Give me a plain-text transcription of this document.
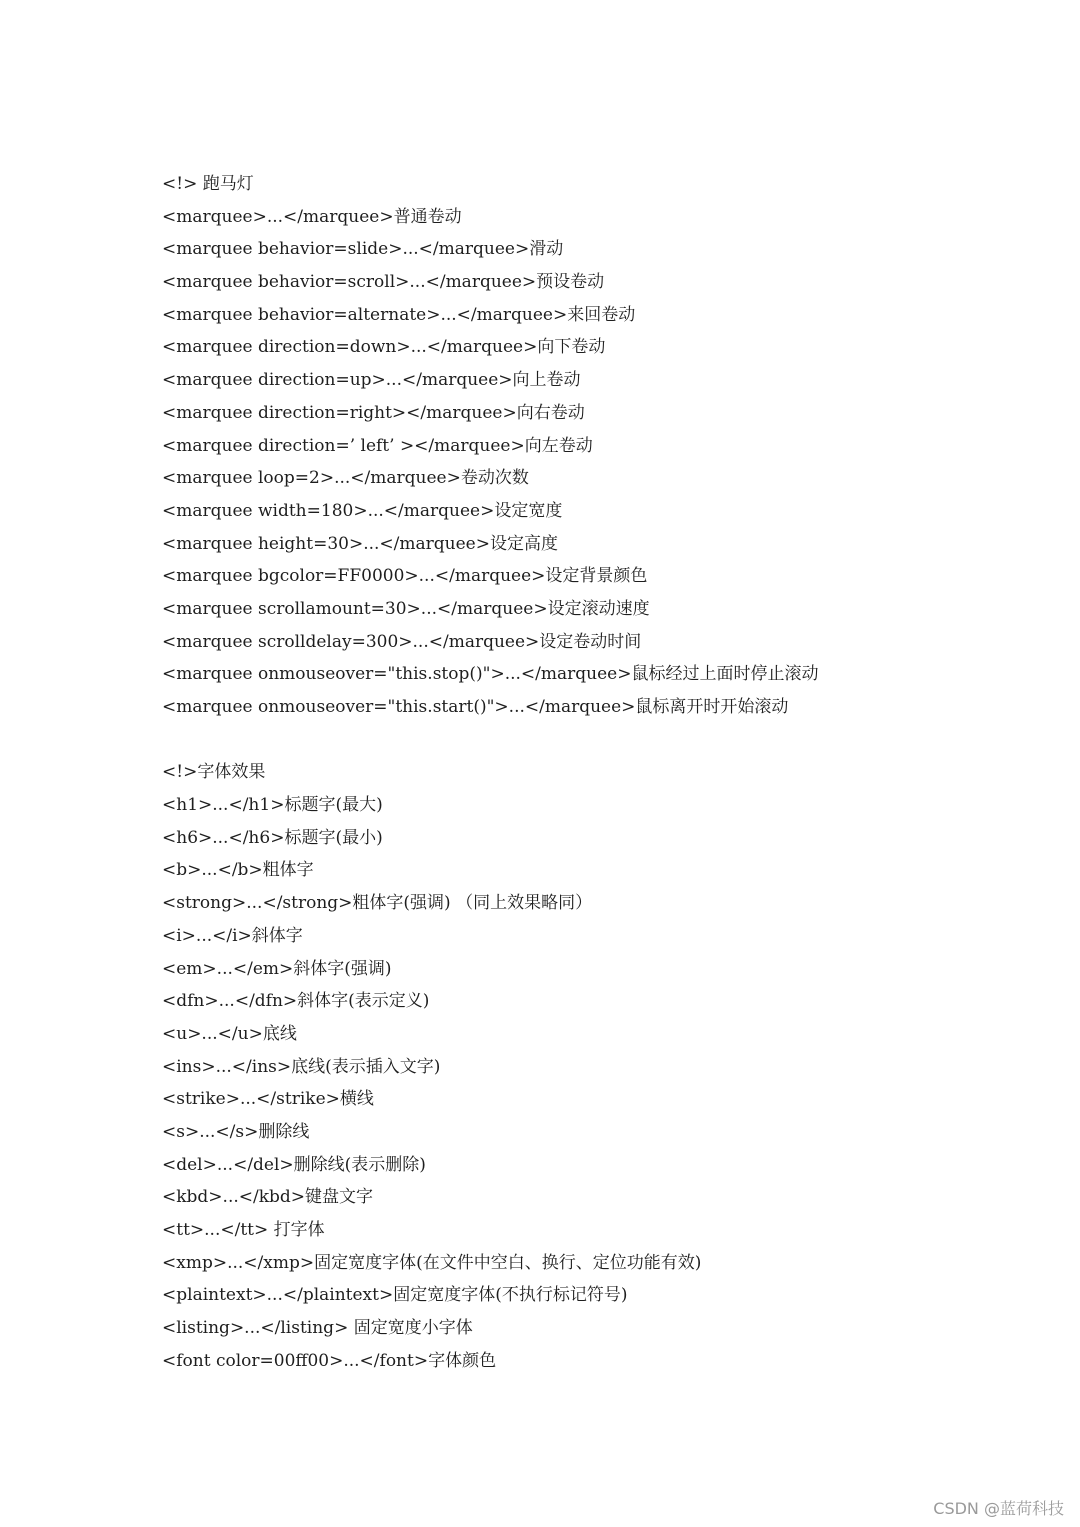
<!> 跑马灯
<marquee>...</marquee>普通卷动
<marquee behavior=slide>...</marquee>滑动
<marquee behavior=scroll>...</marquee>预设卷动
<marquee behavior=alternate>...</marquee>来回卷动
<marquee direction=down>...</marquee>向下卷动
<marquee direction=up>...</marquee>向上卷动
<marquee direction=right></marquee>向右卷动
<marquee direction=’ left’ ></marquee>向左卷动
<marquee loop=2>...</marquee>卷动次数
<marquee width=180>...</marquee>设定宽度
<marquee height=30>...</marquee>设定高度
<marquee bgcolor=FF0000>...</marquee>设定背景颜色
<marquee scrollamount=30>...</marquee>设定滚动速度
<marquee scrolldelay=300>...</marquee>设定卷动时间
<marquee onmouseover="this.stop()">...</marquee>鼠标经过上面时停止滚动
<marquee onmouseover="this.start()">...</marquee>鼠标离开时开始滚动
<!>字体效果
<h1>...</h1>标题字(最大)
<h6>...</h6>标题字(最小)
<b>...</b>粗体字
<strong>...</strong>粗体字(强调) （同上效果略同）
<i>...</i>斜体字
<em>...</em>斜体字(强调)
<dfn>...</dfn>斜体字(表示定义)
<u>...</u>底线
<ins>...</ins>底线(表示插入文字)
<strike>...</strike>横线
<s>...</s>删除线
<del>...</del>删除线(表示删除)
<kbd>...</kbd>键盘文字
<tt>...</tt> 打字体
<xmp>...</xmp>固定宽度字体(在文件中空白、换行、定位功能有效)
<plaintext>...</plaintext>固定宽度字体(不执行标记符号)
<listing>...</listing> 固定宽度小字体
<font color=00ff00>...</font>字体颜色
CSDN @蓝荷科技
